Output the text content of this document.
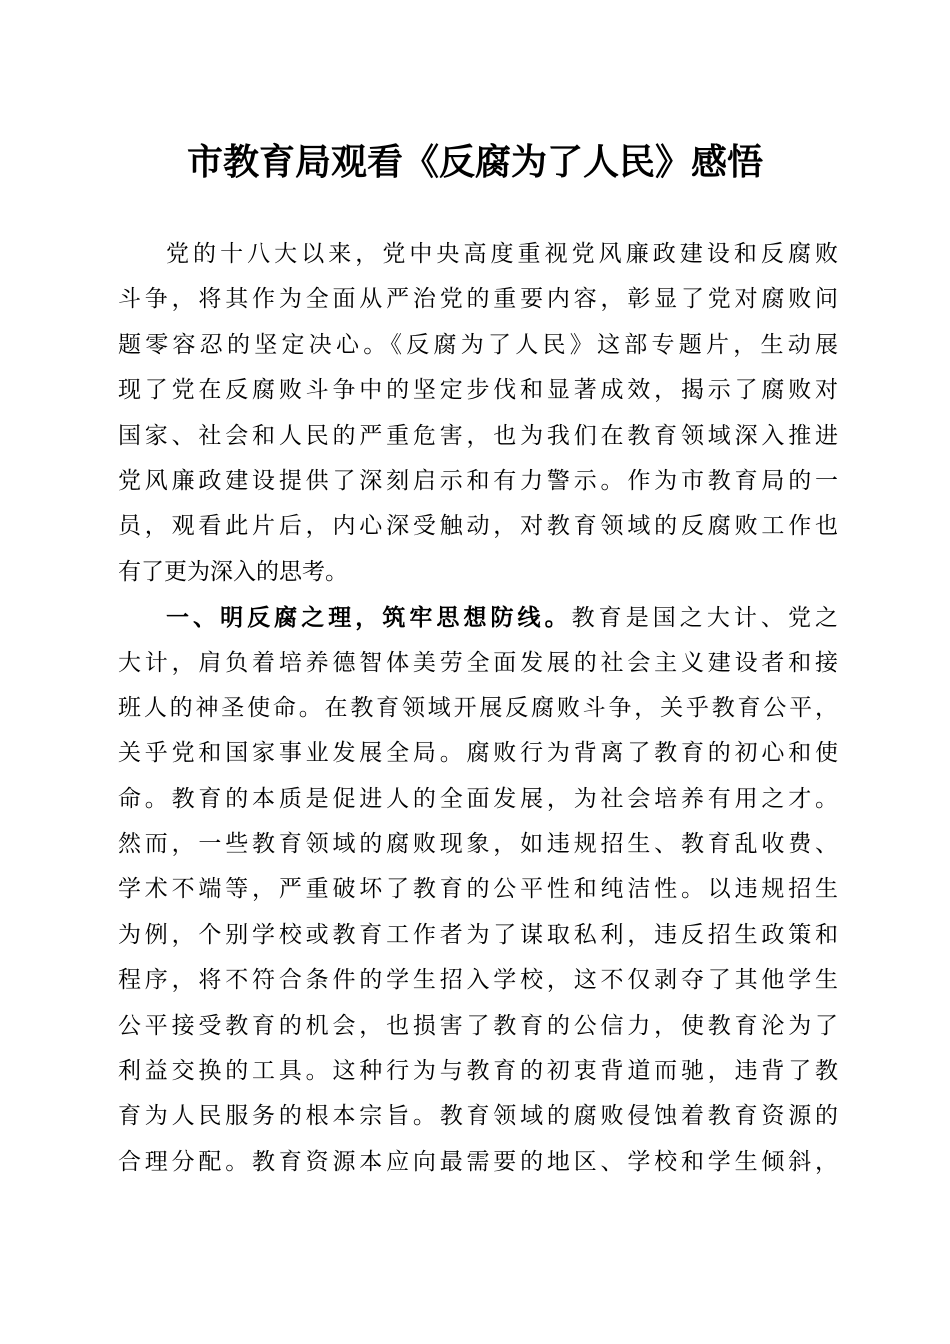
市教育局观看《反腐为了人民》感悟
党的十八大以来，党中央高度重视党风廉政建设和反腐败
斗争，将其作为全面从严治党的重要内容，彰显了党对腐败问
题零容忍的坚定决心。《反腐为了人民》这部专题片，生动展
现了党在反腐败斗争中的坚定步伐和显著成效，揭示了腐败对
国家、社会和人民的严重危害，也为我们在教育领域深入推进
党风廉政建设提供了深刻启示和有力警示。作为市教育局的一
员，观看此片后，内心深受触动，对教育领域的反腐败工作也
有了更为深入的思考。
一、明反腐之理，筑牢思想防线。教育是国之大计、党之
大计，肩负着培养德智体美劳全面发展的社会主义建设者和接
班人的神圣使命。在教育领域开展反腐败斗争，关乎教育公平，
关乎党和国家事业发展全局。腐败行为背离了教育的初心和使
命。教育的本质是促进人的全面发展，为社会培养有用之才。
然而，一些教育领域的腐败现象，如违规招生、教育乱收费、
学术不端等，严重破坏了教育的公平性和纯洁性。以违规招生
为例，个别学校或教育工作者为了谋取私利，违反招生政策和
程序，将不符合条件的学生招入学校，这不仅剥夺了其他学生
公平接受教育的机会，也损害了教育的公信力，使教育沦为了
利益交换的工具。这种行为与教育的初衷背道而驰，违背了教
育为人民服务的根本宗旨。教育领域的腐败侵蚀着教育资源的
合理分配。教育资源本应向最需要的地区、学校和学生倾斜，
